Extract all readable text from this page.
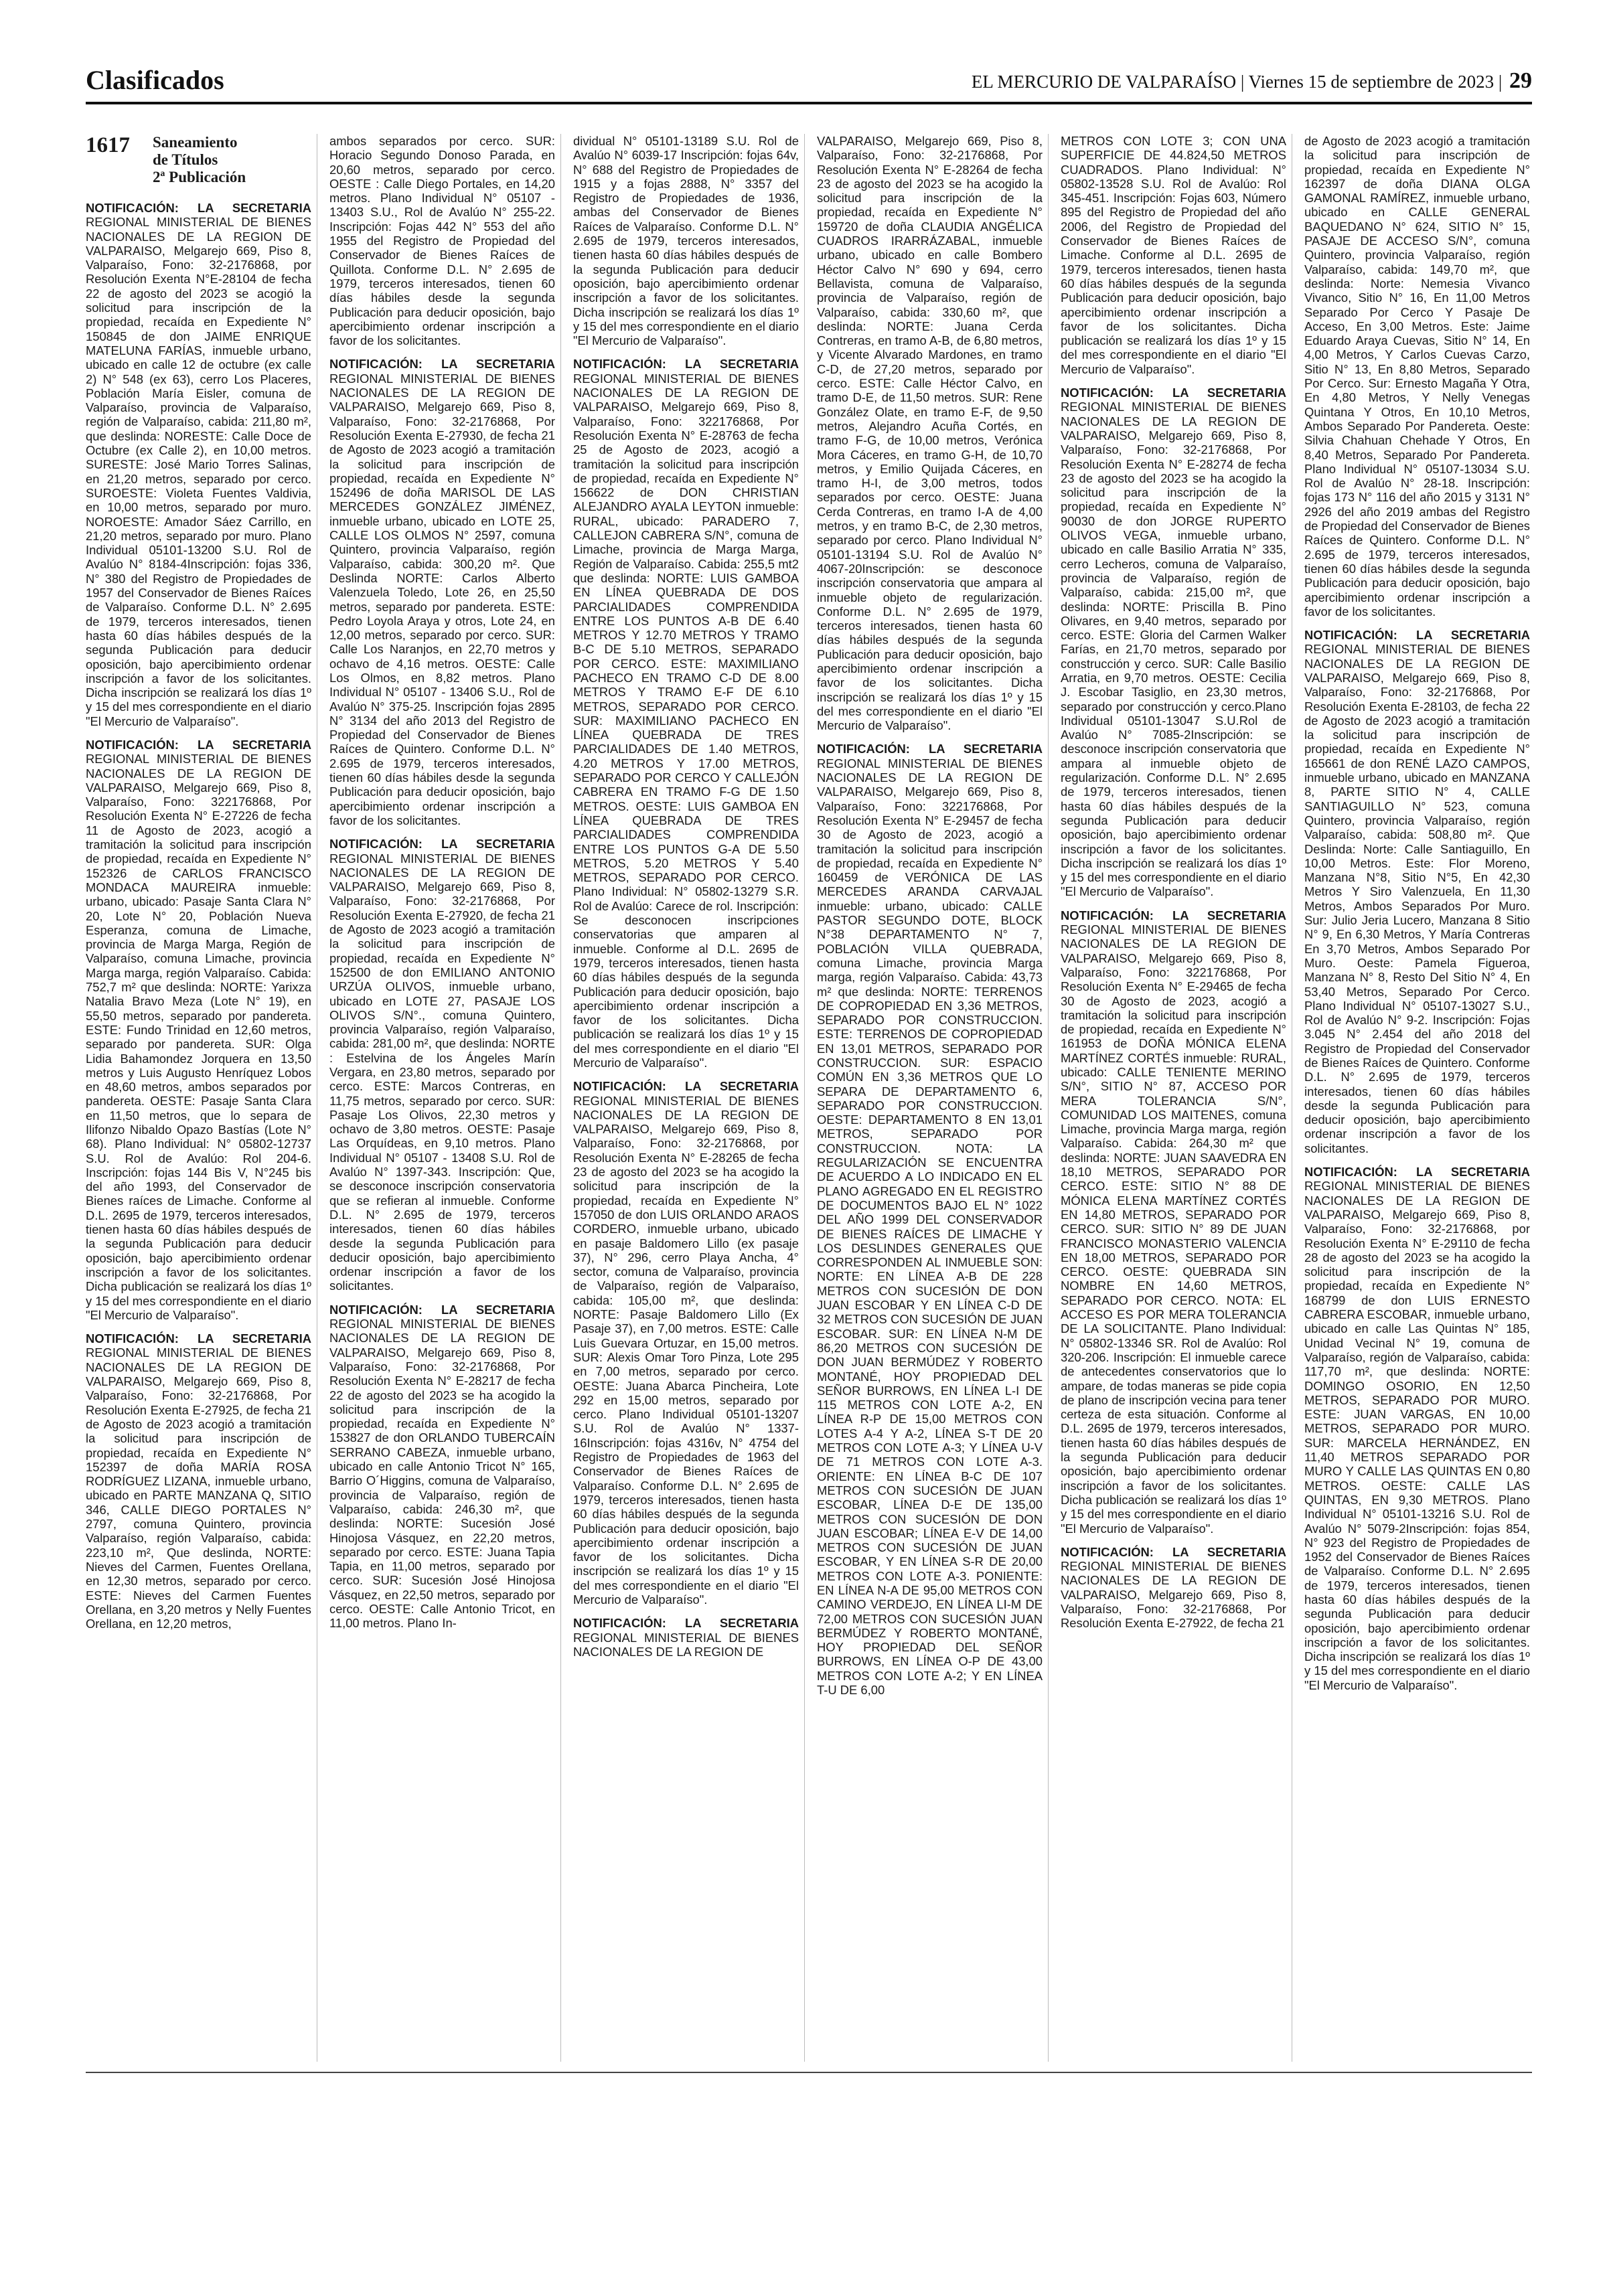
Clasificados	EL MERCURIO DE VALPARAÍSO | Viernes 15 de septiembre de 2023 | 29
1617	Saneamiento
de Títulos
2ª Publicación

NOTIFICACIÓN: LA SECRETARIA REGIONAL MINISTERIAL DE BIENES NACIONALES DE LA REGION DE VALPARAISO, Melgarejo 669, Piso 8, Valparaíso, Fono: 32-2176868, por Resolución Exenta N°E-28104 de fecha 22 de agosto del 2023 se acogió la solicitud para inscripción de la propiedad, recaída en Expediente N° 150845 de don JAIME ENRIQUE MATELUNA FARÍAS, inmueble urbano, ubicado en calle 12 de octubre (ex calle 2) N° 548 (ex 63), cerro Los Placeres, Población María Eisler, comuna de Valparaíso, provincia de Valparaíso, región de Valparaíso, cabida: 211,80 m², que deslinda: NORESTE: Calle Doce de Octubre (ex Calle 2), en 10,00 metros. SURESTE: José Mario Torres Salinas, en 21,20 metros, separado por cerco. SUROESTE: Violeta Fuentes Valdivia, en 10,00 metros, separado por muro. NOROESTE: Amador Sáez Carrillo, en 21,20 metros, separado por muro. Plano Individual 05101-13200 S.U. Rol de Avalúo N° 8184-4Inscripción: fojas 336, N° 380 del Registro de Propiedades de 1957 del Conservador de Bienes Raíces de Valparaíso. Conforme D.L. N° 2.695 de 1979, terceros interesados, tienen hasta 60 días hábiles después de la segunda Publicación para deducir oposición, bajo apercibimiento ordenar inscripción a favor de los solicitantes. Dicha inscripción se realizará los días 1º y 15 del mes correspondiente en el diario "El Mercurio de Valparaíso".

NOTIFICACIÓN: LA SECRETARIA REGIONAL MINISTERIAL DE BIENES NACIONALES DE LA REGION DE VALPARAISO, Melgarejo 669, Piso 8, Valparaíso, Fono: 322176868, Por Resolución Exenta N° E-27226 de fecha 11 de Agosto de 2023, acogió a tramitación la solicitud para inscripción de propiedad, recaída en Expediente N° 152326 de CARLOS FRANCISCO MONDACA MAUREIRA inmueble: urbano, ubicado: Pasaje Santa Clara N° 20, Lote N° 20, Población Nueva Esperanza, comuna de Limache, provincia de Marga Marga, Región de Valparaíso, comuna Limache, provincia Marga marga, región Valparaíso. Cabida: 752,7 m² que deslinda: NORTE: Yarixza Natalia Bravo Meza (Lote N° 19), en 55,50 metros, separado por pandereta. ESTE: Fundo Trinidad en 12,60 metros, separado por pandereta. SUR: Olga Lidia Bahamondez Jorquera en 13,50 metros y Luis Augusto Henríquez Lobos en 48,60 metros, ambos separados por pandereta. OESTE: Pasaje Santa Clara en 11,50 metros, que lo separa de Ilifonzo Nibaldo Opazo Bastías (Lote N° 68). Plano Individual: N° 05802-12737 S.U. Rol de Avalúo: Rol 204-6. Inscripción: fojas 144 Bis V, N°245 bis del año 1993, del Conservador de Bienes raíces de Limache. Conforme al D.L. 2695 de 1979, terceros interesados, tienen hasta 60 días hábiles después de la segunda Publicación para deducir oposición, bajo apercibimiento ordenar inscripción a favor de los solicitantes. Dicha publicación se realizará los días 1º y 15 del mes correspondiente en el diario "El Mercurio de Valparaíso".

NOTIFICACIÓN: LA SECRETARIA REGIONAL MINISTERIAL DE BIENES NACIONALES DE LA REGION DE VALPARAISO, Melgarejo 669, Piso 8, Valparaíso, Fono: 32-2176868, Por Resolución Exenta E-27925, de fecha 21 de Agosto de 2023 acogió a tramitación la solicitud para inscripción de propiedad, recaída en Expediente N° 152397 de doña MARÍA ROSA RODRÍGUEZ LIZANA, inmueble urbano, ubicado en PARTE MANZANA Q, SITIO 346, CALLE DIEGO PORTALES N° 2797, comuna Quintero, provincia Valparaíso, región Valparaíso, cabida: 223,10 m², Que deslinda, NORTE: Nieves del Carmen, Fuentes Orellana, en 12,30 metros, separado por cerco. ESTE: Nieves del Carmen Fuentes Orellana, en 3,20 metros y Nelly Fuentes Orellana, en 12,20 metros,

ambos separados por cerco. SUR: Horacio Segundo Donoso Parada, en 20,60 metros, separado por cerco. OESTE : Calle Diego Portales, en 14,20 metros. Plano Individual N° 05107 - 13403 S.U., Rol de Avalúo N° 255-22. Inscripción: Fojas 442 N° 553 del año 1955 del Registro de Propiedad del Conservador de Bienes Raíces de Quillota. Conforme D.L. N° 2.695 de 1979, terceros interesados, tienen 60 días hábiles desde la segunda Publicación para deducir oposición, bajo apercibimiento ordenar inscripción a favor de los solicitantes.

NOTIFICACIÓN: LA SECRETARIA REGIONAL MINISTERIAL DE BIENES NACIONALES DE LA REGION DE VALPARAISO, Melgarejo 669, Piso 8, Valparaíso, Fono: 32-2176868, Por Resolución Exenta E-27930, de fecha 21 de Agosto de 2023 acogió a tramitación la solicitud para inscripción de propiedad, recaída en Expediente N° 152496 de doña MARISOL DE LAS MERCEDES GONZÁLEZ JIMÉNEZ, inmueble urbano, ubicado en LOTE 25, CALLE LOS OLMOS N° 2597, comuna Quintero, provincia Valparaíso, región Valparaíso, cabida: 300,20 m². Que Deslinda NORTE: Carlos Alberto Valenzuela Toledo, Lote 26, en 25,50 metros, separado por pandereta. ESTE: Pedro Loyola Araya y otros, Lote 24, en 12,00 metros, separado por cerco. SUR: Calle Los Naranjos, en 22,70 metros y ochavo de 4,16 metros. OESTE: Calle Los Olmos, en 8,82 metros. Plano Individual N° 05107 - 13406 S.U., Rol de Avalúo N° 375-25. Inscripción fojas 2895 N° 3134 del año 2013 del Registro de Propiedad del Conservador de Bienes Raíces de Quintero. Conforme D.L. N° 2.695 de 1979, terceros interesados, tienen 60 días hábiles desde la segunda Publicación para deducir oposición, bajo apercibimiento ordenar inscripción a favor de los solicitantes.

NOTIFICACIÓN: LA SECRETARIA REGIONAL MINISTERIAL DE BIENES NACIONALES DE LA REGION DE VALPARAISO, Melgarejo 669, Piso 8, Valparaíso, Fono: 32-2176868, Por Resolución Exenta E-27920, de fecha 21 de Agosto de 2023 acogió a tramitación la solicitud para inscripción de propiedad, recaída en Expediente N° 152500 de don EMILIANO ANTONIO URZÚA OLIVOS, inmueble urbano, ubicado en LOTE 27, PASAJE LOS OLIVOS S/N°., comuna Quintero, provincia Valparaíso, región Valparaíso, cabida: 281,00 m², que deslinda: NORTE : Estelvina de los Ángeles Marín Vergara, en 23,80 metros, separado por cerco. ESTE: Marcos Contreras, en 11,75 metros, separado por cerco. SUR: Pasaje Los Olivos, 22,30 metros y ochavo de 3,80 metros. OESTE: Pasaje Las Orquídeas, en 9,10 metros. Plano Individual N° 05107 - 13408 S.U. Rol de Avalúo N° 1397-343. Inscripción: Que, se desconoce inscripción conservatoria que se refieran al inmueble. Conforme D.L. N° 2.695 de 1979, terceros interesados, tienen 60 días hábiles desde la segunda Publicación para deducir oposición, bajo apercibimiento ordenar inscripción a favor de los solicitantes.

NOTIFICACIÓN: LA SECRETARIA REGIONAL MINISTERIAL DE BIENES NACIONALES DE LA REGION DE VALPARAISO, Melgarejo 669, Piso 8, Valparaíso, Fono: 32-2176868, Por Resolución Exenta N° E-28217 de fecha 22 de agosto del 2023 se ha acogido la solicitud para inscripción de la propiedad, recaída en Expediente N° 153827 de don ORLANDO TUBERCAÍN SERRANO CABEZA, inmueble urbano, ubicado en calle Antonio Tricot N° 165, Barrio O´Higgins, comuna de Valparaíso, provincia de Valparaíso, región de Valparaíso, cabida: 246,30 m², que deslinda: NORTE: Sucesión José Hinojosa Vásquez, en 22,20 metros, separado por cerco. ESTE: Juana Tapia Tapia, en 11,00 metros, separado por cerco. SUR: Sucesión José Hinojosa Vásquez, en 22,50 metros, separado por cerco. OESTE: Calle Antonio Tricot, en 11,00 metros. Plano In-

dividual N° 05101-13189 S.U. Rol de Avalúo N° 6039-17 Inscripción: fojas 64v, N° 688 del Registro de Propiedades de 1915 y a fojas 2888, N° 3357 del Registro de Propiedades de 1936, ambas del Conservador de Bienes Raíces de Valparaíso. Conforme D.L. N° 2.695 de 1979, terceros interesados, tienen hasta 60 días hábiles después de la segunda Publicación para deducir oposición, bajo apercibimiento ordenar inscripción a favor de los solicitantes. Dicha inscripción se realizará los días 1º y 15 del mes correspondiente en el diario "El Mercurio de Valparaíso".

NOTIFICACIÓN: LA SECRETARIA REGIONAL MINISTERIAL DE BIENES NACIONALES DE LA REGION DE VALPARAISO, Melgarejo 669, Piso 8, Valparaíso, Fono: 322176868, Por Resolución Exenta N° E-28763 de fecha 25 de Agosto de 2023, acogió a tramitación la solicitud para inscripción de propiedad, recaída en Expediente N° 156622 de DON CHRISTIAN ALEJANDRO AYALA LEYTON inmueble: RURAL, ubicado: PARADERO 7, CALLEJON CABRERA S/N°, comuna de Limache, provincia de Marga Marga, Región de Valparaíso. Cabida: 255,5 mt2 que deslinda: NORTE: LUIS GAMBOA EN LÍNEA QUEBRADA DE DOS PARCIALIDADES COMPRENDIDA ENTRE LOS PUNTOS A-B DE 6.40 METROS Y 12.70 METROS Y TRAMO B-C DE 5.10 METROS, SEPARADO POR CERCO. ESTE: MAXIMILIANO PACHECO EN TRAMO C-D DE 8.00 METROS Y TRAMO E-F DE 6.10 METROS, SEPARADO POR CERCO. SUR: MAXIMILIANO PACHECO EN LÍNEA QUEBRADA DE TRES PARCIALIDADES DE 1.40 METROS, 4.20 METROS Y 17.00 METROS, SEPARADO POR CERCO Y CALLEJÓN CABRERA EN TRAMO F-G DE 1.50 METROS. OESTE: LUIS GAMBOA EN LÍNEA QUEBRADA DE TRES PARCIALIDADES COMPRENDIDA ENTRE LOS PUNTOS G-A DE 5.50 METROS, 5.20 METROS Y 5.40 METROS, SEPARADO POR CERCO. Plano Individual: N° 05802-13279 S.R. Rol de Avalúo: Carece de rol. Inscripción: Se desconocen inscripciones conservatorias que amparen al inmueble. Conforme al D.L. 2695 de 1979, terceros interesados, tienen hasta 60 días hábiles después de la segunda Publicación para deducir oposición, bajo apercibimiento ordenar inscripción a favor de los solicitantes. Dicha publicación se realizará los días 1º y 15 del mes correspondiente en el diario "El Mercurio de Valparaíso".

NOTIFICACIÓN: LA SECRETARIA REGIONAL MINISTERIAL DE BIENES NACIONALES DE LA REGION DE VALPARAISO, Melgarejo 669, Piso 8, Valparaíso, Fono: 32-2176868, por Resolución Exenta N° E-28265 de fecha 23 de agosto del 2023 se ha acogido la solicitud para inscripción de la propiedad, recaída en Expediente N° 157050 de don LUIS ORLANDO ARAOS CORDERO, inmueble urbano, ubicado en pasaje Baldomero Lillo (ex pasaje 37), N° 296, cerro Playa Ancha, 4° sector, comuna de Valparaíso, provincia de Valparaíso, región de Valparaíso, cabida: 105,00 m², que deslinda: NORTE: Pasaje Baldomero Lillo (Ex Pasaje 37), en 7,00 metros. ESTE: Calle Luis Guevara Ortuzar, en 15,00 metros. SUR: Alexis Omar Toro Pinza, Lote 295 en 7,00 metros, separado por cerco. OESTE: Juana Abarca Pincheira, Lote 292 en 15,00 metros, separado por cerco. Plano Individual 05101-13207 S.U. Rol de Avalúo N° 1337-16Inscripción: fojas 4316v, N° 4754 del Registro de Propiedades de 1963 del Conservador de Bienes Raíces de Valparaíso. Conforme D.L. N° 2.695 de 1979, terceros interesados, tienen hasta 60 días hábiles después de la segunda Publicación para deducir oposición, bajo apercibimiento ordenar inscripción a favor de los solicitantes. Dicha inscripción se realizará los días 1º y 15 del mes correspondiente en el diario "El Mercurio de Valparaíso".

NOTIFICACIÓN: LA SECRETARIA REGIONAL MINISTERIAL DE BIENES NACIONALES DE LA REGION DE

VALPARAISO, Melgarejo 669, Piso 8, Valparaíso, Fono: 32-2176868, Por Resolución Exenta N° E-28264 de fecha 23 de agosto del 2023 se ha acogido la solicitud para inscripción de la propiedad, recaída en Expediente N° 159720 de doña CLAUDIA ANGÉLICA CUADROS IRARRÁZABAL, inmueble urbano, ubicado en calle Bombero Héctor Calvo N° 690 y 694, cerro Bellavista, comuna de Valparaíso, provincia de Valparaíso, región de Valparaíso, cabida: 330,60 m², que deslinda: NORTE: Juana Cerda Contreras, en tramo A-B, de 6,80 metros, y Vicente Alvarado Mardones, en tramo C-D, de 27,20 metros, separado por cerco. ESTE: Calle Héctor Calvo, en tramo D-E, de 11,50 metros. SUR: Rene González Olate, en tramo E-F, de 9,50 metros, Alejandro Acuña Cortés, en tramo F-G, de 10,00 metros, Verónica Mora Cáceres, en tramo G-H, de 10,70 metros, y Emilio Quijada Cáceres, en tramo H-I, de 3,00 metros, todos separados por cerco. OESTE: Juana Cerda Contreras, en tramo I-A de 4,00 metros, y en tramo B-C, de 2,30 metros, separado por cerco. Plano Individual N° 05101-13194 S.U. Rol de Avalúo N° 4067-20Inscripción: se desconoce inscripción conservatoria que ampara al inmueble objeto de regularización. Conforme D.L. N° 2.695 de 1979, terceros interesados, tienen hasta 60 días hábiles después de la segunda Publicación para deducir oposición, bajo apercibimiento ordenar inscripción a favor de los solicitantes. Dicha inscripción se realizará los días 1º y 15 del mes correspondiente en el diario "El Mercurio de Valparaíso".

NOTIFICACIÓN: LA SECRETARIA REGIONAL MINISTERIAL DE BIENES NACIONALES DE LA REGION DE VALPARAISO, Melgarejo 669, Piso 8, Valparaíso, Fono: 322176868, Por Resolución Exenta N° E-29457 de fecha 30 de Agosto de 2023, acogió a tramitación la solicitud para inscripción de propiedad, recaída en Expediente N° 160459 de VERÓNICA DE LAS MERCEDES ARANDA CARVAJAL inmueble: urbano, ubicado: CALLE PASTOR SEGUNDO DOTE, BLOCK N°38 DEPARTAMENTO N° 7, POBLACIÓN VILLA QUEBRADA, comuna Limache, provincia Marga marga, región Valparaíso. Cabida: 43,73 m² que deslinda: NORTE: TERRENOS DE COPROPIEDAD EN 3,36 METROS, SEPARADO POR CONSTRUCCION. ESTE: TERRENOS DE COPROPIEDAD EN 13,01 METROS, SEPARADO POR CONSTRUCCION. SUR: ESPACIO COMÚN EN 3,36 METROS QUE LO SEPARA DE DEPARTAMENTO 6, SEPARADO POR CONSTRUCCION. OESTE: DEPARTAMENTO 8 EN 13,01 METROS, SEPARADO POR CONSTRUCCION. NOTA: LA REGULARIZACIÓN SE ENCUENTRA DE ACUERDO A LO INDICADO EN EL PLANO AGREGADO EN EL REGISTRO DE DOCUMENTOS BAJO EL N° 1022 DEL AÑO 1999 DEL CONSERVADOR DE BIENES RAÍCES DE LIMACHE Y LOS DESLINDES GENERALES QUE CORRESPONDEN AL INMUEBLE SON: NORTE: EN LÍNEA A-B DE 228 METROS CON SUCESIÓN DE DON JUAN ESCOBAR Y EN LÍNEA C-D DE 32 METROS CON SUCESIÓN DE JUAN ESCOBAR. SUR: EN LÍNEA N-M DE 86,20 METROS CON SUCESIÓN DE DON JUAN BERMÚDEZ Y ROBERTO MONTANÉ, HOY PROPIEDAD DEL SEÑOR BURROWS, EN LÍNEA L-I DE 115 METROS CON LOTE A-2, EN LÍNEA R-P DE 15,00 METROS CON LOTES A-4 Y A-2, LÍNEA S-T DE 20 METROS CON LOTE A-3; Y LÍNEA U-V DE 71 METROS CON LOTE A-3. ORIENTE: EN LÍNEA B-C DE 107 METROS CON SUCESIÓN DE JUAN ESCOBAR, LÍNEA D-E DE 135,00 METROS CON SUCESIÓN DE DON JUAN ESCOBAR; LÍNEA E-V DE 14,00 METROS CON SUCESIÓN DE JUAN ESCOBAR, Y EN LÍNEA S-R DE 20,00 METROS CON LOTE A-3. PONIENTE: EN LÍNEA N-A DE 95,00 METROS CON CAMINO VERDEJO, EN LÍNEA LI-M DE 72,00 METROS CON SUCESIÓN JUAN BERMÚDEZ Y ROBERTO MONTANÉ, HOY PROPIEDAD DEL SEÑOR BURROWS, EN LÍNEA O-P DE 43,00 METROS CON LOTE A-2; Y EN LÍNEA T-U DE 6,00

METROS CON LOTE 3; CON UNA SUPERFICIE DE 44.824,50 METROS CUADRADOS. Plano Individual: N° 05802-13528 S.U. Rol de Avalúo: Rol 345-451. Inscripción: Fojas 603, Número 895 del Registro de Propiedad del año 2006, del Registro de Propiedad del Conservador de Bienes Raíces de Limache. Conforme al D.L. 2695 de 1979, terceros interesados, tienen hasta 60 días hábiles después de la segunda Publicación para deducir oposición, bajo apercibimiento ordenar inscripción a favor de los solicitantes. Dicha publicación se realizará los días 1º y 15 del mes correspondiente en el diario "El Mercurio de Valparaíso".

NOTIFICACIÓN: LA SECRETARIA REGIONAL MINISTERIAL DE BIENES NACIONALES DE LA REGION DE VALPARAISO, Melgarejo 669, Piso 8, Valparaíso, Fono: 32-2176868, Por Resolución Exenta N° E-28274 de fecha 23 de agosto del 2023 se ha acogido la solicitud para inscripción de la propiedad, recaída en Expediente N° 90030 de don JORGE RUPERTO OLIVOS VEGA, inmueble urbano, ubicado en calle Basilio Arratia N° 335, cerro Lecheros, comuna de Valparaíso, provincia de Valparaíso, región de Valparaíso, cabida: 215,00 m², que deslinda: NORTE: Priscilla B. Pino Olivares, en 9,40 metros, separado por cerco. ESTE: Gloria del Carmen Walker Farías, en 21,70 metros, separado por construcción y cerco. SUR: Calle Basilio Arratia, en 9,70 metros. OESTE: Cecilia J. Escobar Tasiglio, en 23,30 metros, separado por construcción y cerco.Plano Individual 05101-13047 S.U.Rol de Avalúo N° 7085-2Inscripción: se desconoce inscripción conservatoria que ampara al inmueble objeto de regularización. Conforme D.L. N° 2.695 de 1979, terceros interesados, tienen hasta 60 días hábiles después de la segunda Publicación para deducir oposición, bajo apercibimiento ordenar inscripción a favor de los solicitantes. Dicha inscripción se realizará los días 1º y 15 del mes correspondiente en el diario "El Mercurio de Valparaíso".

NOTIFICACIÓN: LA SECRETARIA REGIONAL MINISTERIAL DE BIENES NACIONALES DE LA REGION DE VALPARAISO, Melgarejo 669, Piso 8, Valparaíso, Fono: 322176868, Por Resolución Exenta N° E-29465 de fecha 30 de Agosto de 2023, acogió a tramitación la solicitud para inscripción de propiedad, recaída en Expediente N° 161953 de DOÑA MÓNICA ELENA MARTÍNEZ CORTÉS inmueble: RURAL, ubicado: CALLE TENIENTE MERINO S/N°, SITIO N° 87, ACCESO POR MERA TOLERANCIA S/N°, COMUNIDAD LOS MAITENES, comuna Limache, provincia Marga marga, región Valparaíso. Cabida: 264,30 m² que deslinda: NORTE: JUAN SAAVEDRA EN 18,10 METROS, SEPARADO POR CERCO. ESTE: SITIO N° 88 DE MÓNICA ELENA MARTÍNEZ CORTÉS EN 14,80 METROS, SEPARADO POR CERCO. SUR: SITIO N° 89 DE JUAN FRANCISCO MONASTERIO VALENCIA EN 18,00 METROS, SEPARADO POR CERCO. OESTE: QUEBRADA SIN NOMBRE EN 14,60 METROS, SEPARADO POR CERCO. NOTA: EL ACCESO ES POR MERA TOLERANCIA DE LA SOLICITANTE. Plano Individual: N° 05802-13346 SR. Rol de Avalúo: Rol 320-206. Inscripción: El inmueble carece de antecedentes conservatorios que lo ampare, de todas maneras se pide copia de plano de inscripción vecina para tener certeza de esta situación. Conforme al D.L. 2695 de 1979, terceros interesados, tienen hasta 60 días hábiles después de la segunda Publicación para deducir oposición, bajo apercibimiento ordenar inscripción a favor de los solicitantes. Dicha publicación se realizará los días 1º y 15 del mes correspondiente en el diario "El Mercurio de Valparaíso".

NOTIFICACIÓN: LA SECRETARIA REGIONAL MINISTERIAL DE BIENES NACIONALES DE LA REGION DE VALPARAISO, Melgarejo 669, Piso 8, Valparaíso, Fono: 32-2176868, Por Resolución Exenta E-27922, de fecha 21

de Agosto de 2023 acogió a tramitación la solicitud para inscripción de propiedad, recaída en Expediente N° 162397 de doña DIANA OLGA GAMONAL RAMÍREZ, inmueble urbano, ubicado en CALLE GENERAL BAQUEDANO N° 624, SITIO N° 15, PASAJE DE ACCESO S/N°, comuna Quintero, provincia Valparaíso, región Valparaíso, cabida: 149,70 m², que deslinda: Norte: Nemesia Vivanco Vivanco, Sitio N° 16, En 11,00 Metros Separado Por Cerco Y Pasaje De Acceso, En 3,00 Metros. Este: Jaime Eduardo Araya Cuevas, Sitio N° 14, En 4,00 Metros, Y Carlos Cuevas Carzo, Sitio N° 13, En 8,80 Metros, Separado Por Cerco. Sur: Ernesto Magaña Y Otra, En 4,80 Metros, Y Nelly Venegas Quintana Y Otros, En 10,10 Metros, Ambos Separado Por Pandereta. Oeste: Silvia Chahuan Chehade Y Otros, En 8,40 Metros, Separado Por Pandereta. Plano Individual N° 05107-13034 S.U. Rol de Avalúo N° 28-18. Inscripción: fojas 173 N° 116 del año 2015 y 3131 N° 2926 del año 2019 ambas del Registro de Propiedad del Conservador de Bienes Raíces de Quintero. Conforme D.L. N° 2.695 de 1979, terceros interesados, tienen 60 días hábiles desde la segunda Publicación para deducir oposición, bajo apercibimiento ordenar inscripción a favor de los solicitantes.

NOTIFICACIÓN: LA SECRETARIA REGIONAL MINISTERIAL DE BIENES NACIONALES DE LA REGION DE VALPARAISO, Melgarejo 669, Piso 8, Valparaíso, Fono: 32-2176868, Por Resolución Exenta E-28103, de fecha 22 de Agosto de 2023 acogió a tramitación la solicitud para inscripción de propiedad, recaída en Expediente N° 165661 de don RENÉ LAZO CAMPOS, inmueble urbano, ubicado en MANZANA 8, PARTE SITIO N° 4, CALLE SANTIAGUILLO N° 523, comuna Quintero, provincia Valparaíso, región Valparaíso, cabida: 508,80 m². Que Deslinda: Norte: Calle Santiaguillo, En 10,00 Metros. Este: Flor Moreno, Manzana N°8, Sitio N°5, En 42,30 Metros Y Siro Valenzuela, En 11,30 Metros, Ambos Separados Por Muro. Sur: Julio Jeria Lucero, Manzana 8 Sitio N° 9, En 6,30 Metros, Y María Contreras En 3,70 Metros, Ambos Separado Por Muro. Oeste: Pamela Figueroa, Manzana N° 8, Resto Del Sitio N° 4, En 53,40 Metros, Separado Por Cerco. Plano Individual N° 05107-13027 S.U., Rol de Avalúo N° 9-2. Inscripción: Fojas 3.045 N° 2.454 del año 2018 del Registro de Propiedad del Conservador de Bienes Raíces de Quintero. Conforme D.L. N° 2.695 de 1979, terceros interesados, tienen 60 días hábiles desde la segunda Publicación para deducir oposición, bajo apercibimiento ordenar inscripción a favor de los solicitantes.

NOTIFICACIÓN: LA SECRETARIA REGIONAL MINISTERIAL DE BIENES NACIONALES DE LA REGION DE VALPARAISO, Melgarejo 669, Piso 8, Valparaíso, Fono: 32-2176868, por Resolución Exenta N° E-29110 de fecha 28 de agosto del 2023 se ha acogido la solicitud para inscripción de la propiedad, recaída en Expediente N° 168799 de don LUIS ERNESTO CABRERA ESCOBAR, inmueble urbano, ubicado en calle Las Quintas N° 185, Unidad Vecinal N° 19, comuna de Valparaíso, región de Valparaíso, cabida: 117,70 m², que deslinda: NORTE: DOMINGO OSORIO, EN 12,50 METROS, SEPARADO POR MURO. ESTE: JUAN VARGAS, EN 10,00 METROS, SEPARADO POR MURO. SUR: MARCELA HERNÁNDEZ, EN 11,40 METROS SEPARADO POR MURO Y CALLE LAS QUINTAS EN 0,80 METROS. OESTE: CALLE LAS QUINTAS, EN 9,30 METROS. Plano Individual N° 05101-13216 S.U. Rol de Avalúo N° 5079-2Inscripción: fojas 854, N° 923 del Registro de Propiedades de 1952 del Conservador de Bienes Raíces de Valparaíso. Conforme D.L. N° 2.695 de 1979, terceros interesados, tienen hasta 60 días hábiles después de la segunda Publicación para deducir oposición, bajo apercibimiento ordenar inscripción a favor de los solicitantes. Dicha inscripción se realizará los días 1º y 15 del mes correspondiente en el diario "El Mercurio de Valparaíso".
